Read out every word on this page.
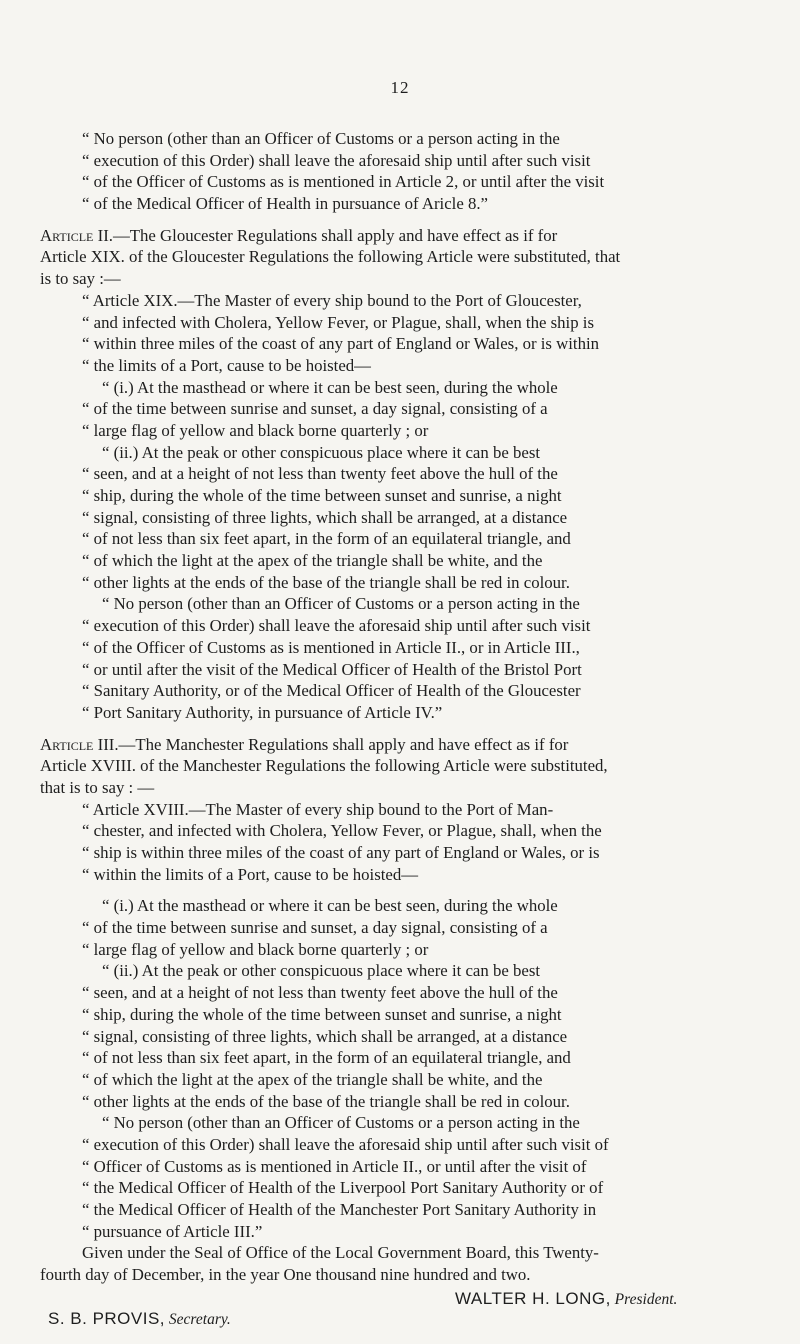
12
“ No person (other than an Officer of Customs or a person acting in the
“ execution of this Order) shall leave the aforesaid ship until after such visit
“ of the Officer of Customs as is mentioned in Article 2, or until after the visit
“ of the Medical Officer of Health in pursuance of Aricle 8.”
Article II.—The Gloucester Regulations shall apply and have effect as if for
Article XIX. of the Gloucester Regulations the following Article were substituted, that
is to say :—
“ Article XIX.—The Master of every ship bound to the Port of Gloucester,
“ and infected with Cholera, Yellow Fever, or Plague, shall, when the ship is
“ within three miles of the coast of any part of England or Wales, or is within
“ the limits of a Port, cause to be hoisted—
“ (i.) At the masthead or where it can be best seen, during the whole
“ of the time between sunrise and sunset, a day signal, consisting of a
“ large flag of yellow and black borne quarterly ; or
“ (ii.) At the peak or other conspicuous place where it can be best
“ seen, and at a height of not less than twenty feet above the hull of the
“ ship, during the whole of the time between sunset and sunrise, a night
“ signal, consisting of three lights, which shall be arranged, at a distance
“ of not less than six feet apart, in the form of an equilateral triangle, and
“ of which the light at the apex of the triangle shall be white, and the
“ other lights at the ends of the base of the triangle shall be red in colour.
“ No person (other than an Officer of Customs or a person acting in the
“ execution of this Order) shall leave the aforesaid ship until after such visit
“ of the Officer of Customs as is mentioned in Article II., or in Article III.,
“ or until after the visit of the Medical Officer of Health of the Bristol Port
“ Sanitary Authority, or of the Medical Officer of Health of the Gloucester
“ Port Sanitary Authority, in pursuance of Article IV.”
Article III.—The Manchester Regulations shall apply and have effect as if for
Article XVIII. of the Manchester Regulations the following Article were substituted,
that is to say : —
“ Article XVIII.—The Master of every ship bound to the Port of Man-
“ chester, and infected with Cholera, Yellow Fever, or Plague, shall, when the
“ ship is within three miles of the coast of any part of England or Wales, or is
“ within the limits of a Port, cause to be hoisted—
“ (i.) At the masthead or where it can be best seen, during the whole
“ of the time between sunrise and sunset, a day signal, consisting of a
“ large flag of yellow and black borne quarterly ; or
“ (ii.) At the peak or other conspicuous place where it can be best
“ seen, and at a height of not less than twenty feet above the hull of the
“ ship, during the whole of the time between sunset and sunrise, a night
“ signal, consisting of three lights, which shall be arranged, at a distance
“ of not less than six feet apart, in the form of an equilateral triangle, and
“ of which the light at the apex of the triangle shall be white, and the
“ other lights at the ends of the base of the triangle shall be red in colour.
“ No person (other than an Officer of Customs or a person acting in the
“ execution of this Order) shall leave the aforesaid ship until after such visit of
“ Officer of Customs as is mentioned in Article II., or until after the visit of
“ the Medical Officer of Health of the Liverpool Port Sanitary Authority or of
“ the Medical Officer of Health of the Manchester Port Sanitary Authority in
“ pursuance of Article III.”
Given under the Seal of Office of the Local Government Board, this Twenty-
fourth day of December, in the year One thousand nine hundred and two.
WALTER H. LONG, President.
S. B. PROVIS, Secretary.
